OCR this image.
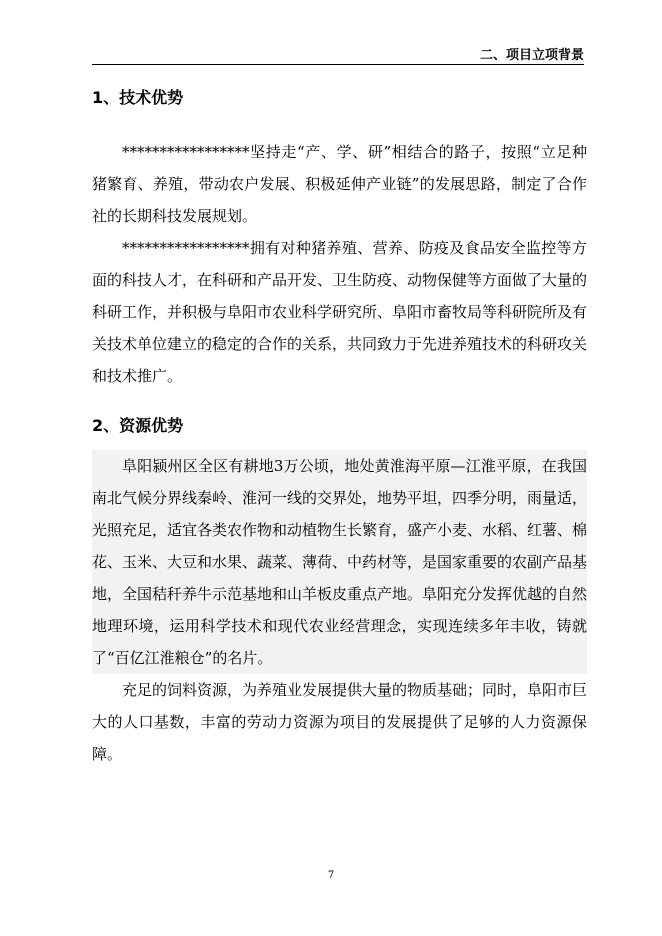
二、项目立项背景
1、技术优势

*****************坚持走“产、学、研”相结合的路子，按照“立足种猪繁育、养殖，带动农户发展、积极延伸产业链”的发展思路，制定了合作社的长期科技发展规划。

*****************拥有对种猪养殖、营养、防疫及食品安全监控等方面的科技人才，在科研和产品开发、卫生防疫、动物保健等方面做了大量的科研工作，并积极与阜阳市农业科学研究所、阜阳市畜牧局等科研院所及有关技术单位建立的稳定的合作的关系，共同致力于先进养殖技术的科研攻关和技术推广。

2、资源优势

阜阳颍州区全区有耕地3万公顷，地处黄淮海平原—江淮平原，在我国南北气候分界线秦岭、淮河一线的交界处，地势平坦，四季分明，雨量适，光照充足，适宜各类农作物和动植物生长繁育，盛产小麦、水稻、红薯、棉花、玉米、大豆和水果、蔬菜、薄荷、中药材等，是国家重要的农副产品基地，全国秸秆养牛示范基地和山羊板皮重点产地。阜阳充分发挥优越的自然地理环境，运用科学技术和现代农业经营理念，实现连续多年丰收，铸就了“百亿江淮粮仓”的名片。

充足的饲料资源，为养殖业发展提供大量的物质基础；同时，阜阳市巨大的人口基数，丰富的劳动力资源为项目的发展提供了足够的人力资源保障。

7
